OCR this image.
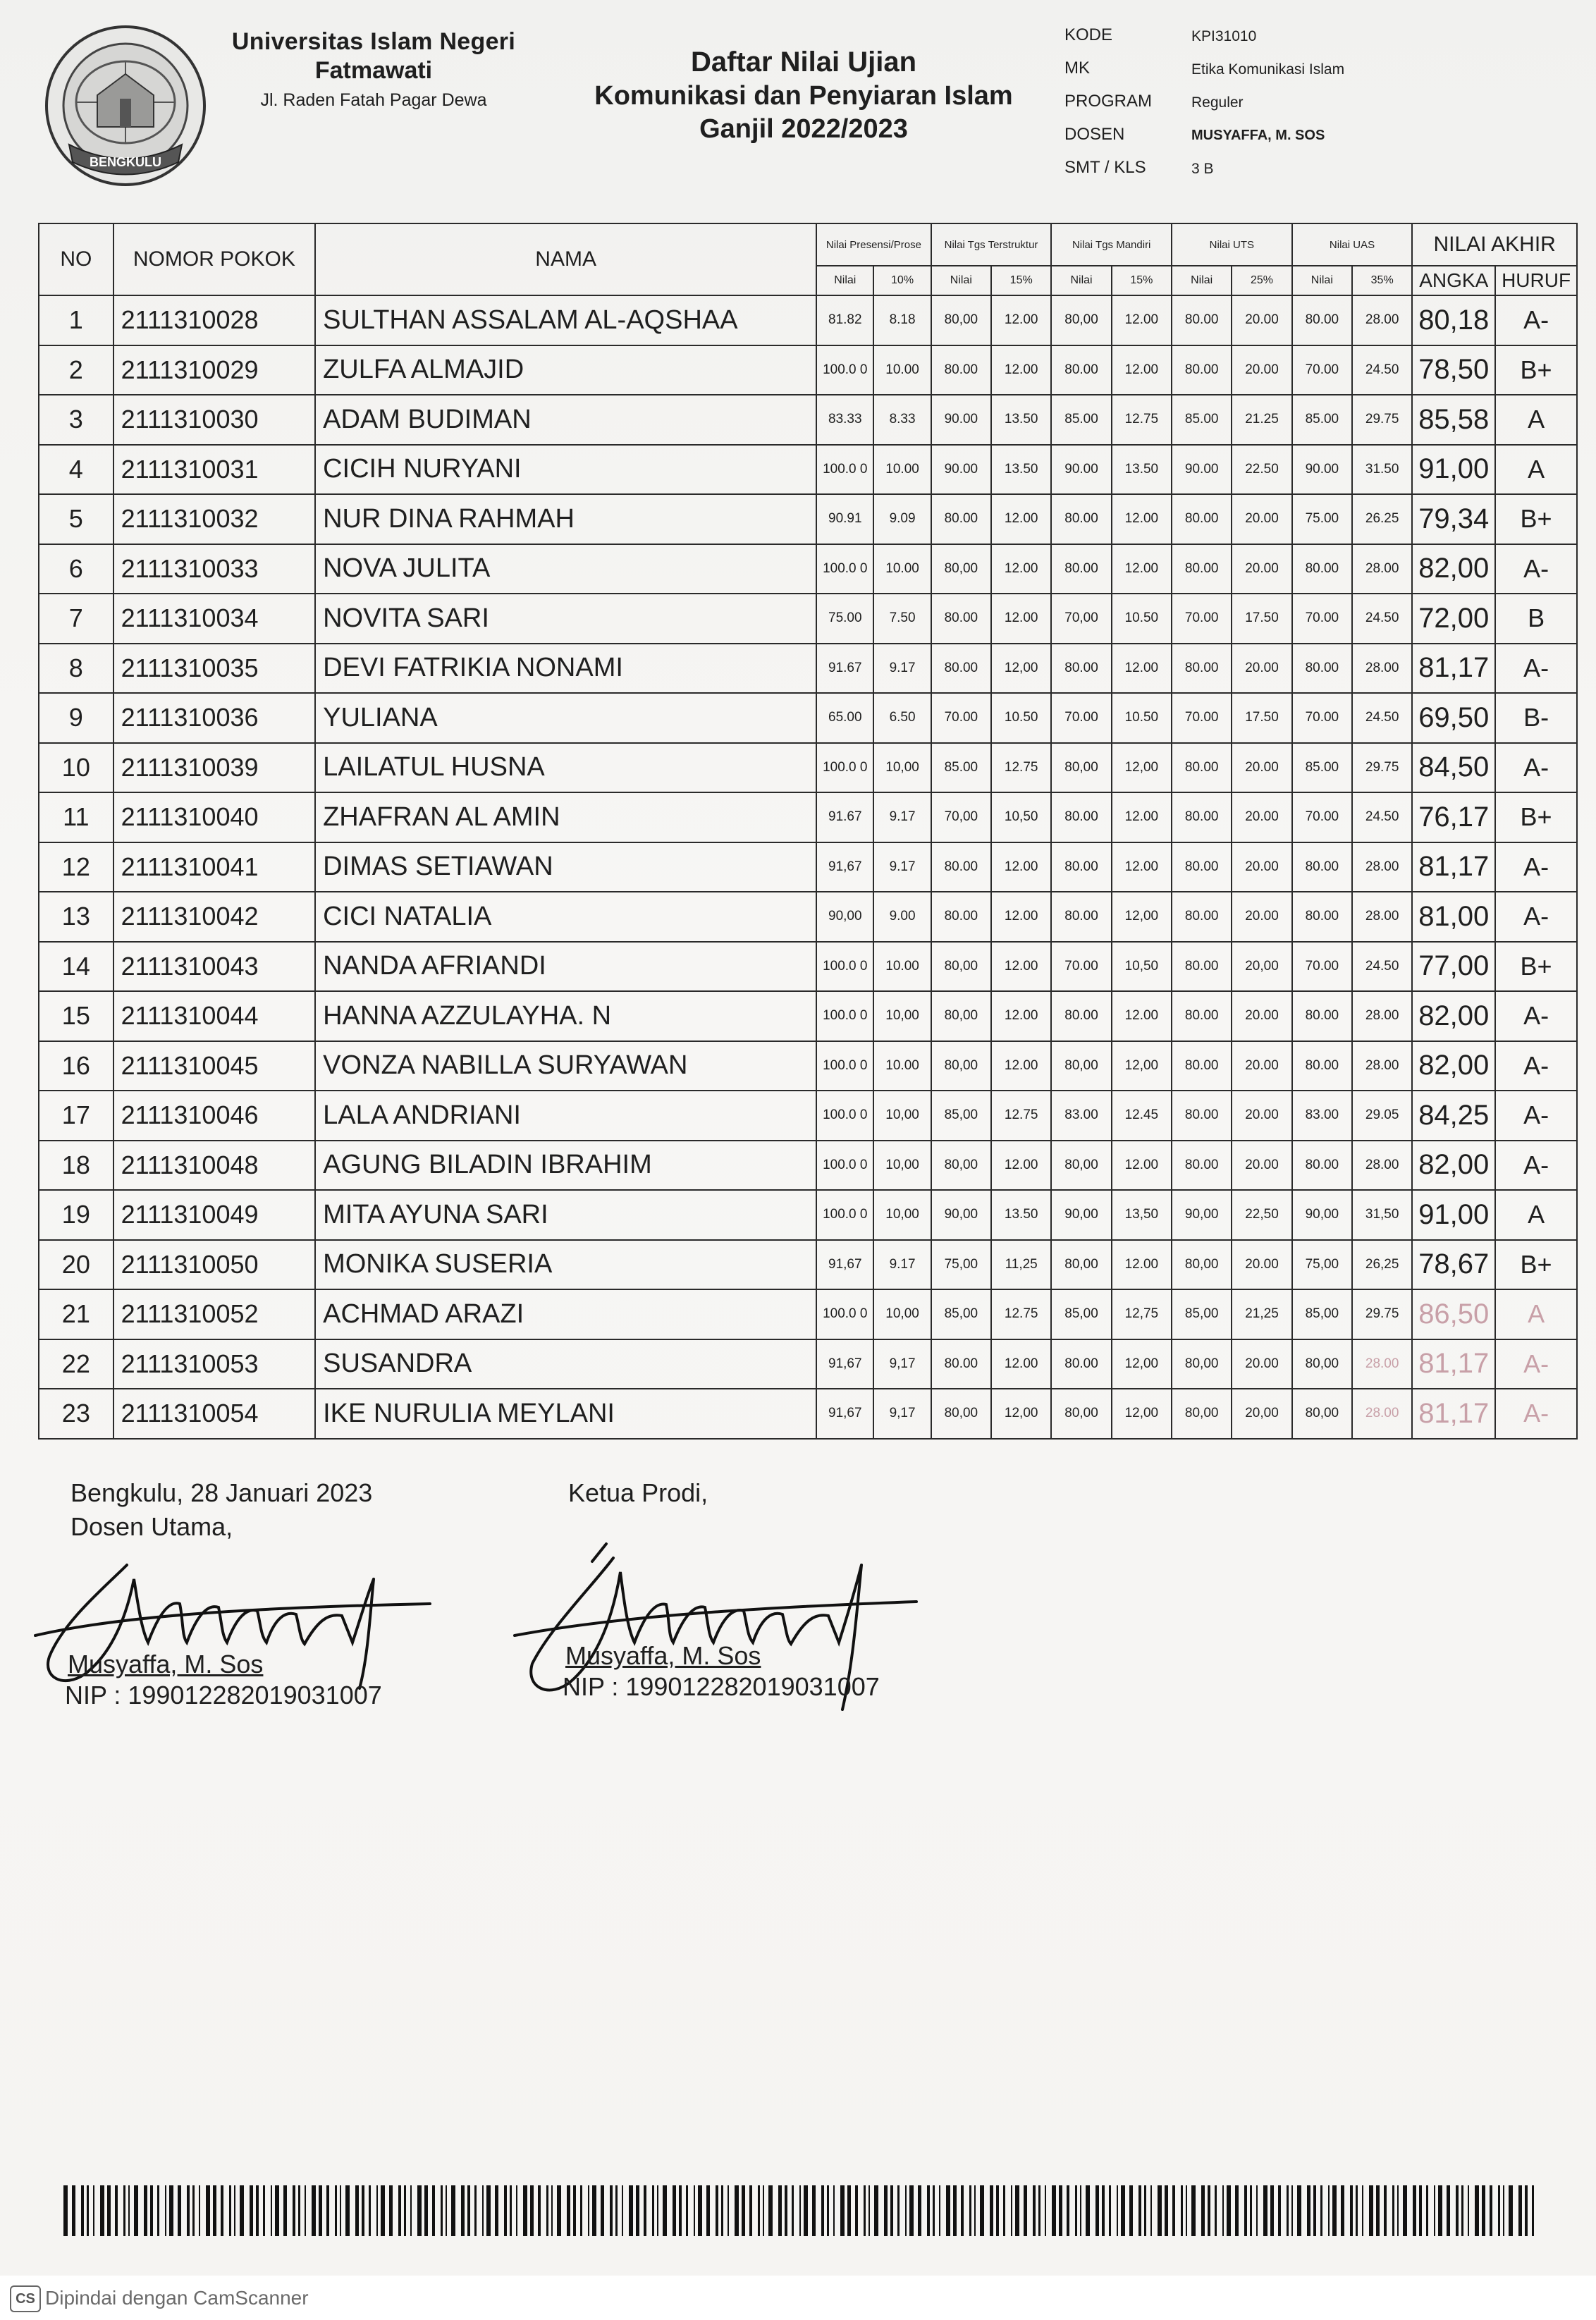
BENGKULU
Universitas Islam Negeri
Fatmawati
Jl. Raden Fatah Pagar Dewa
Daftar Nilai Ujian
Komunikasi dan Penyiaran Islam
Ganjil 2022/2023
KODE	KPI31010
MK	Etika Komunikasi Islam
PROGRAM	Reguler
DOSEN	MUSYAFFA, M. SOS
SMT / KLS	3 B
NO	NOMOR POKOK	NAMA	Nilai Presensi/Prose		Nilai Tgs Terstruktur		Nilai Tgs Mandiri		Nilai UTS		Nilai UAS		NILAI AKHIR	
			Nilai	10%	Nilai	15%	Nilai	15%	Nilai	25%	Nilai	35%	ANGKA	HURUF
1	2111310028	SULTHAN ASSALAM AL-AQSHAA	81.82	8.18	80,00	12.00	80,00	12.00	80.00	20.00	80.00	28.00	80,18	A-
2	2111310029	ZULFA ALMAJID	100.0 0	10.00	80.00	12.00	80.00	12.00	80.00	20.00	70.00	24.50	78,50	B+
3	2111310030	ADAM BUDIMAN	83.33	8.33	90.00	13.50	85.00	12.75	85.00	21.25	85.00	29.75	85,58	A
4	2111310031	CICIH NURYANI	100.0 0	10.00	90.00	13.50	90.00	13.50	90.00	22.50	90.00	31.50	91,00	A
5	2111310032	NUR DINA RAHMAH	90.91	9.09	80.00	12.00	80.00	12.00	80.00	20.00	75.00	26.25	79,34	B+
6	2111310033	NOVA JULITA	100.0 0	10.00	80,00	12.00	80.00	12.00	80.00	20.00	80.00	28.00	82,00	A-
7	2111310034	NOVITA SARI	75.00	7.50	80.00	12.00	70,00	10.50	70.00	17.50	70.00	24.50	72,00	B
8	2111310035	DEVI FATRIKIA NONAMI	91.67	9.17	80.00	12,00	80.00	12.00	80.00	20.00	80.00	28.00	81,17	A-
9	2111310036	YULIANA	65.00	6.50	70.00	10.50	70.00	10.50	70.00	17.50	70.00	24.50	69,50	B-
10	2111310039	LAILATUL HUSNA	100.0 0	10,00	85.00	12.75	80,00	12,00	80.00	20.00	85.00	29.75	84,50	A-
11	2111310040	ZHAFRAN AL AMIN	91.67	9.17	70,00	10,50	80.00	12.00	80.00	20.00	70.00	24.50	76,17	B+
12	2111310041	DIMAS SETIAWAN	91,67	9.17	80.00	12.00	80.00	12.00	80.00	20.00	80.00	28.00	81,17	A-
13	2111310042	CICI NATALIA	90,00	9.00	80.00	12.00	80.00	12,00	80.00	20.00	80.00	28.00	81,00	A-
14	2111310043	NANDA AFRIANDI	100.0 0	10.00	80,00	12.00	70.00	10,50	80.00	20,00	70.00	24.50	77,00	B+
15	2111310044	HANNA AZZULAYHA. N	100.0 0	10,00	80,00	12.00	80.00	12.00	80.00	20.00	80.00	28.00	82,00	A-
16	2111310045	VONZA NABILLA SURYAWAN	100.0 0	10.00	80,00	12.00	80,00	12,00	80.00	20.00	80.00	28.00	82,00	A-
17	2111310046	LALA ANDRIANI	100.0 0	10,00	85,00	12.75	83.00	12.45	80.00	20.00	83.00	29.05	84,25	A-
18	2111310048	AGUNG BILADIN IBRAHIM	100.0 0	10,00	80,00	12.00	80,00	12.00	80.00	20.00	80.00	28.00	82,00	A-
19	2111310049	MITA AYUNA SARI	100.0 0	10,00	90,00	13.50	90,00	13,50	90,00	22,50	90,00	31,50	91,00	A
20	2111310050	MONIKA SUSERIA	91,67	9.17	75,00	11,25	80,00	12.00	80,00	20.00	75,00	26,25	78,67	B+
21	2111310052	ACHMAD ARAZI	100.0 0	10,00	85,00	12.75	85,00	12,75	85,00	21,25	85,00	29.75	86,50	A
22	2111310053	SUSANDRA	91,67	9,17	80.00	12.00	80.00	12,00	80,00	20.00	80,00	28.00	81,17	A-
23	2111310054	IKE NURULIA MEYLANI	91,67	9,17	80,00	12,00	80,00	12,00	80,00	20,00	80,00	28.00	81,17	A-
Bengkulu, 28 Januari 2023
Dosen Utama,
Ketua Prodi,
Musyaffa, M. Sos
NIP : 199012282019031007
Musyaffa, M. Sos
NIP : 199012282019031007
CS Dipindai dengan CamScanner
